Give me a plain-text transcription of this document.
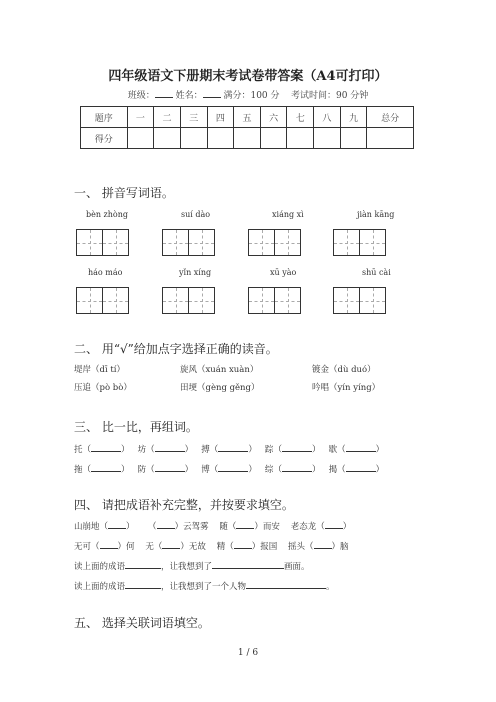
四年级语文下册期末考试卷带答案（A4可打印）
班级： 姓名： 满分：100 分 考试时间：90 分钟
题序	一	二	三	四	五	六	七	八	九	总分
得分										
一、 拼音写词语。
bèn zhòng	suí dào	xiáng xì	jiàn kāng
háo máo	yǐn xíng	xū yào	shū cài
二、 用“√”给加点字选择正确的读音。
堤岸（dī tí）	旋风（xuán xuàn）	镀金（dù duó）
压追（pò bò）	田埂（gèng gěng）	吟唱（yín yíng）
三、 比一比，再组词。
托（	）   坊（	）   搏（	）   踪（	）   歇（	）
拖（	）   防（	）   博（	）   综（	）   揭（	）
四、 请把成语补充完整，并按要求填空。
山崩地（ ） （ ）云驾雾 随（ ）而安 老态龙（ ）
无可（ ）何 无（ ）无故 精（ ）报国 摇头（ ）脑
读上面的成语	，让我想到了	画面。
读上面的成语	，让我想到了一个人物	。
五、 选择关联词语填空。
1 / 6
